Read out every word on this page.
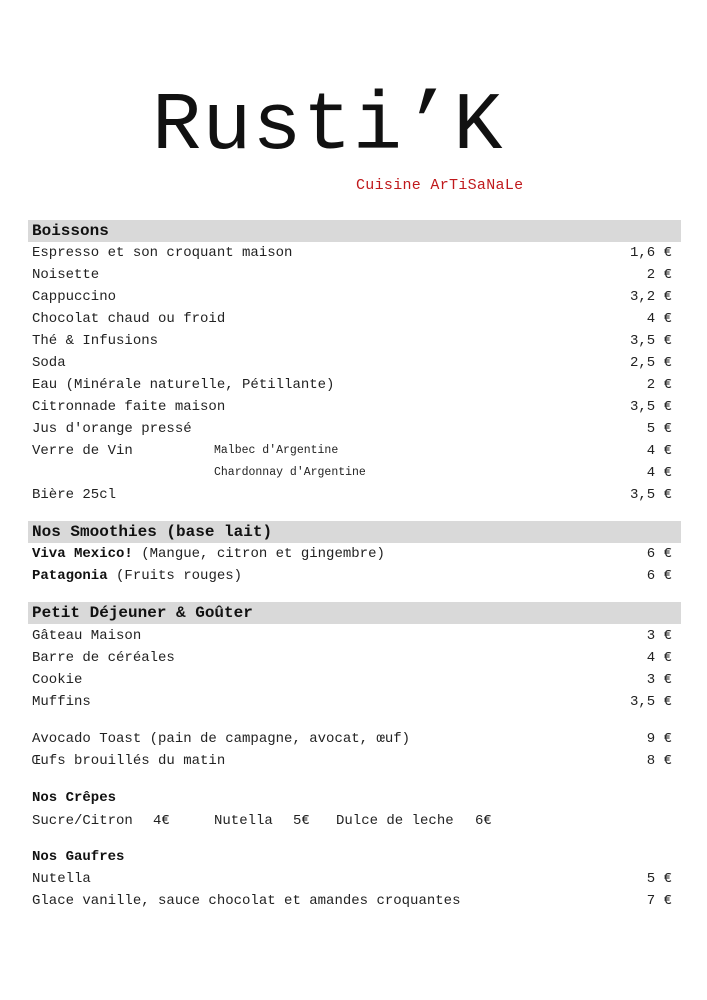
Rusti’K
Cuisine ArTiSaNaLe
Boissons
Espresso et son croquant maison	1,6 €
Noisette	2 €
Cappuccino	3,2 €
Chocolat chaud ou froid	4 €
Thé & Infusions	3,5 €
Soda	2,5 €
Eau (Minérale naturelle, Pétillante)	2 €
Citronnade faite maison	3,5 €
Jus d'orange pressé	5 €
Verre de Vin	Malbec d'Argentine	4 €
Chardonnay d'Argentine	4 €
Bière 25cl	3,5 €
Nos Smoothies (base lait)
Viva Mexico! (Mangue, citron et gingembre)	6 €
Patagonia (Fruits rouges)	6 €
Petit Déjeuner & Goûter
Gâteau Maison	3 €
Barre de céréales	4 €
Cookie	3 €
Muffins	3,5 €
Avocado Toast (pain de campagne, avocat, œuf)	9 €
Œufs brouillés du matin	8 €
Nos Crêpes
Sucre/Citron 4€	Nutella 5€ Dulce de leche 6€
Nos Gaufres
Nutella	5 €
Glace vanille, sauce chocolat et amandes croquantes	7 €
